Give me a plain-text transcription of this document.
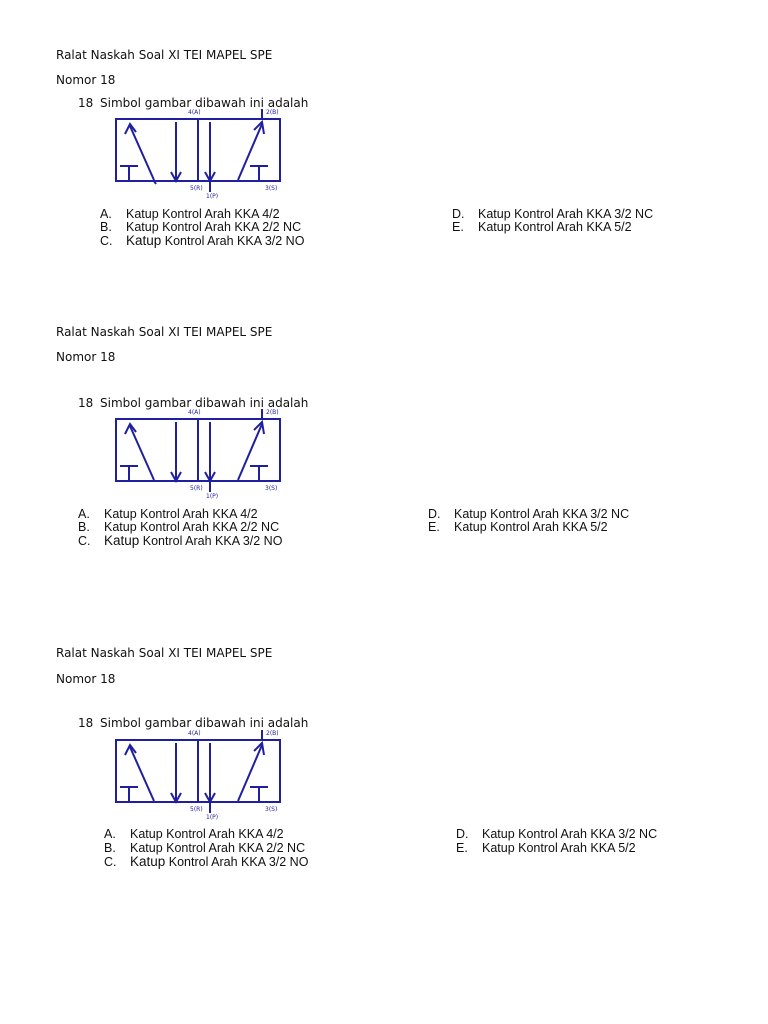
Ralat Naskah Soal XI TEI MAPEL SPE
Nomor 18
18 Simbol gambar dibawah ini adalah
4(A)	2(B)
5(R)
1(P)
3(S)
A. Katup Kontrol Arah KKA 4/2
B. Katup Kontrol Arah KKA 2/2 NC
C. Katup Kontrol Arah KKA 3/2 NO
D. Katup Kontrol Arah KKA 3/2 NC
E. Katup Kontrol Arah KKA 5/2
Ralat Naskah Soal XI TEI MAPEL SPE
Nomor 18
18 Simbol gambar dibawah ini adalah
4(A)	2(B)
5(R)
1(P)
3(S)
A. Katup Kontrol Arah KKA 4/2
B. Katup Kontrol Arah KKA 2/2 NC
C. Katup Kontrol Arah KKA 3/2 NO
D. Katup Kontrol Arah KKA 3/2 NC
E. Katup Kontrol Arah KKA 5/2
Ralat Naskah Soal XI TEI MAPEL SPE
Nomor 18
18 Simbol gambar dibawah ini adalah
4(A)	2(B)
5(R)
1(P)
3(S)
A. Katup Kontrol Arah KKA 4/2
B. Katup Kontrol Arah KKA 2/2 NC
C. Katup Kontrol Arah KKA 3/2 NO
D. Katup Kontrol Arah KKA 3/2 NC
E. Katup Kontrol Arah KKA 5/2
